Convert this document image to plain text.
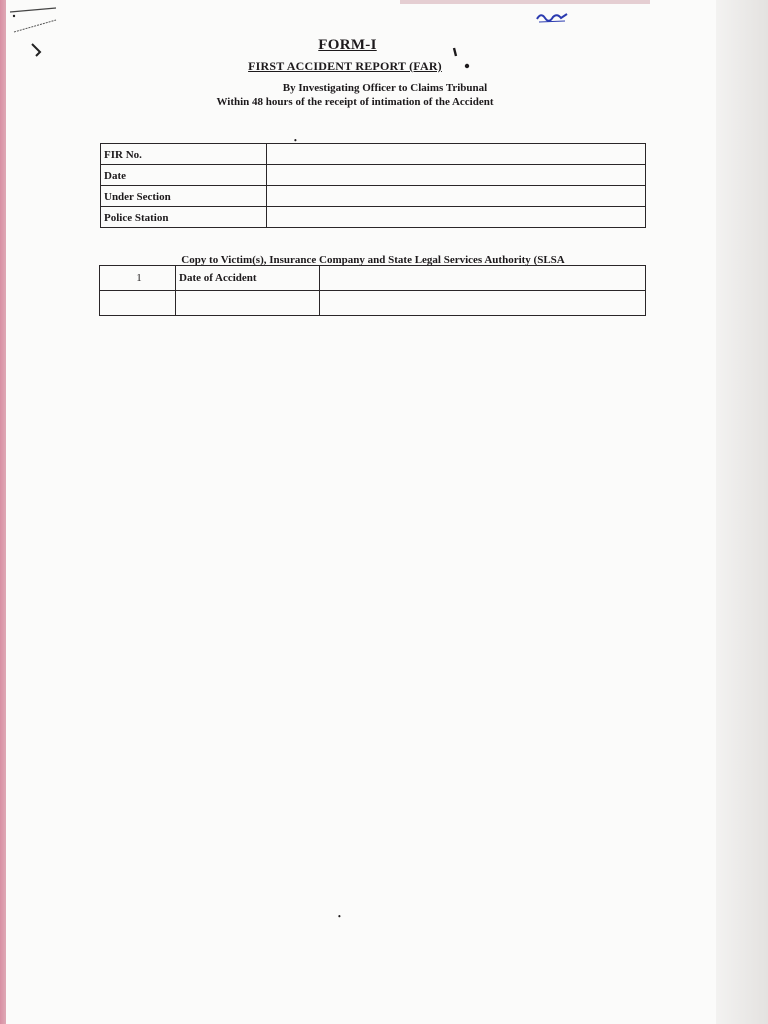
FORM-I
FIRST ACCIDENT REPORT (FAR)
By Investigating Officer to Claims Tribunal
Within 48 hours of the receipt of intimation of the Accident
FIR No.	
Date	
Under Section	
Police Station	
Copy to Victim(s), Insurance Company and State Legal Services Authority (SLSA
1	Date of Accident	

•
•
